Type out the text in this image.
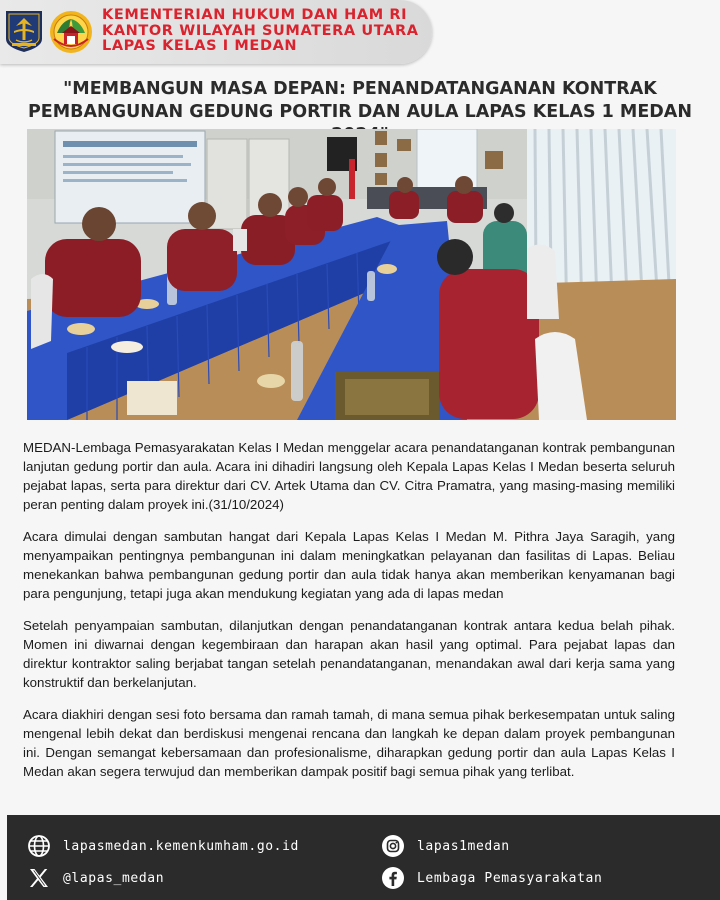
KEMENTERIAN HUKUM DAN HAM RI
KANTOR WILAYAH SUMATERA UTARA
LAPAS KELAS I MEDAN
"MEMBANGUN MASA DEPAN: PENANDATANGANAN KONTRAK
PEMBANGUNAN GEDUNG PORTIR DAN AULA LAPAS KELAS 1 MEDAN

MEDAN-Lembaga Pemasyarakatan Kelas I Medan menggelar acara penandatanganan kontrak pembangunan lanjutan gedung portir dan aula. Acara ini dihadiri langsung oleh Kepala Lapas Kelas I Medan beserta seluruh pejabat lapas, serta para direktur dari CV. Artek Utama dan CV. Citra Pramatra, yang masing-masing memiliki peran penting dalam proyek ini.(31/10/2024)

Acara dimulai dengan sambutan hangat dari Kepala Lapas Kelas I Medan M. Pithra Jaya Saragih, yang menyampaikan pentingnya pembangunan ini dalam meningkatkan pelayanan dan fasilitas di Lapas. Beliau menekankan bahwa pembangunan gedung portir dan aula tidak hanya akan memberikan kenyamanan bagi para pengunjung, tetapi juga akan mendukung kegiatan yang ada di lapas medan

Setelah penyampaian sambutan, dilanjutkan dengan penandatanganan kontrak antara kedua belah pihak. Momen ini diwarnai dengan kegembiraan dan harapan akan hasil yang optimal. Para pejabat lapas dan direktur kontraktor saling berjabat tangan setelah penandatanganan, menandakan awal dari kerja sama yang konstruktif dan berkelanjutan.

Acara diakhiri dengan sesi foto bersama dan ramah tamah, di mana semua pihak berkesempatan untuk saling mengenal lebih dekat dan berdiskusi mengenai rencana dan langkah ke depan dalam proyek pembangunan ini. Dengan semangat kebersamaan dan profesionalisme, diharapkan gedung portir dan aula Lapas Kelas I Medan akan segera terwujud dan memberikan dampak positif bagi semua pihak yang terlibat.

lapasmedan.kemenkumham.go.id
@lapas_medan
lapas1medan
Lembaga Pemasyarakatan
